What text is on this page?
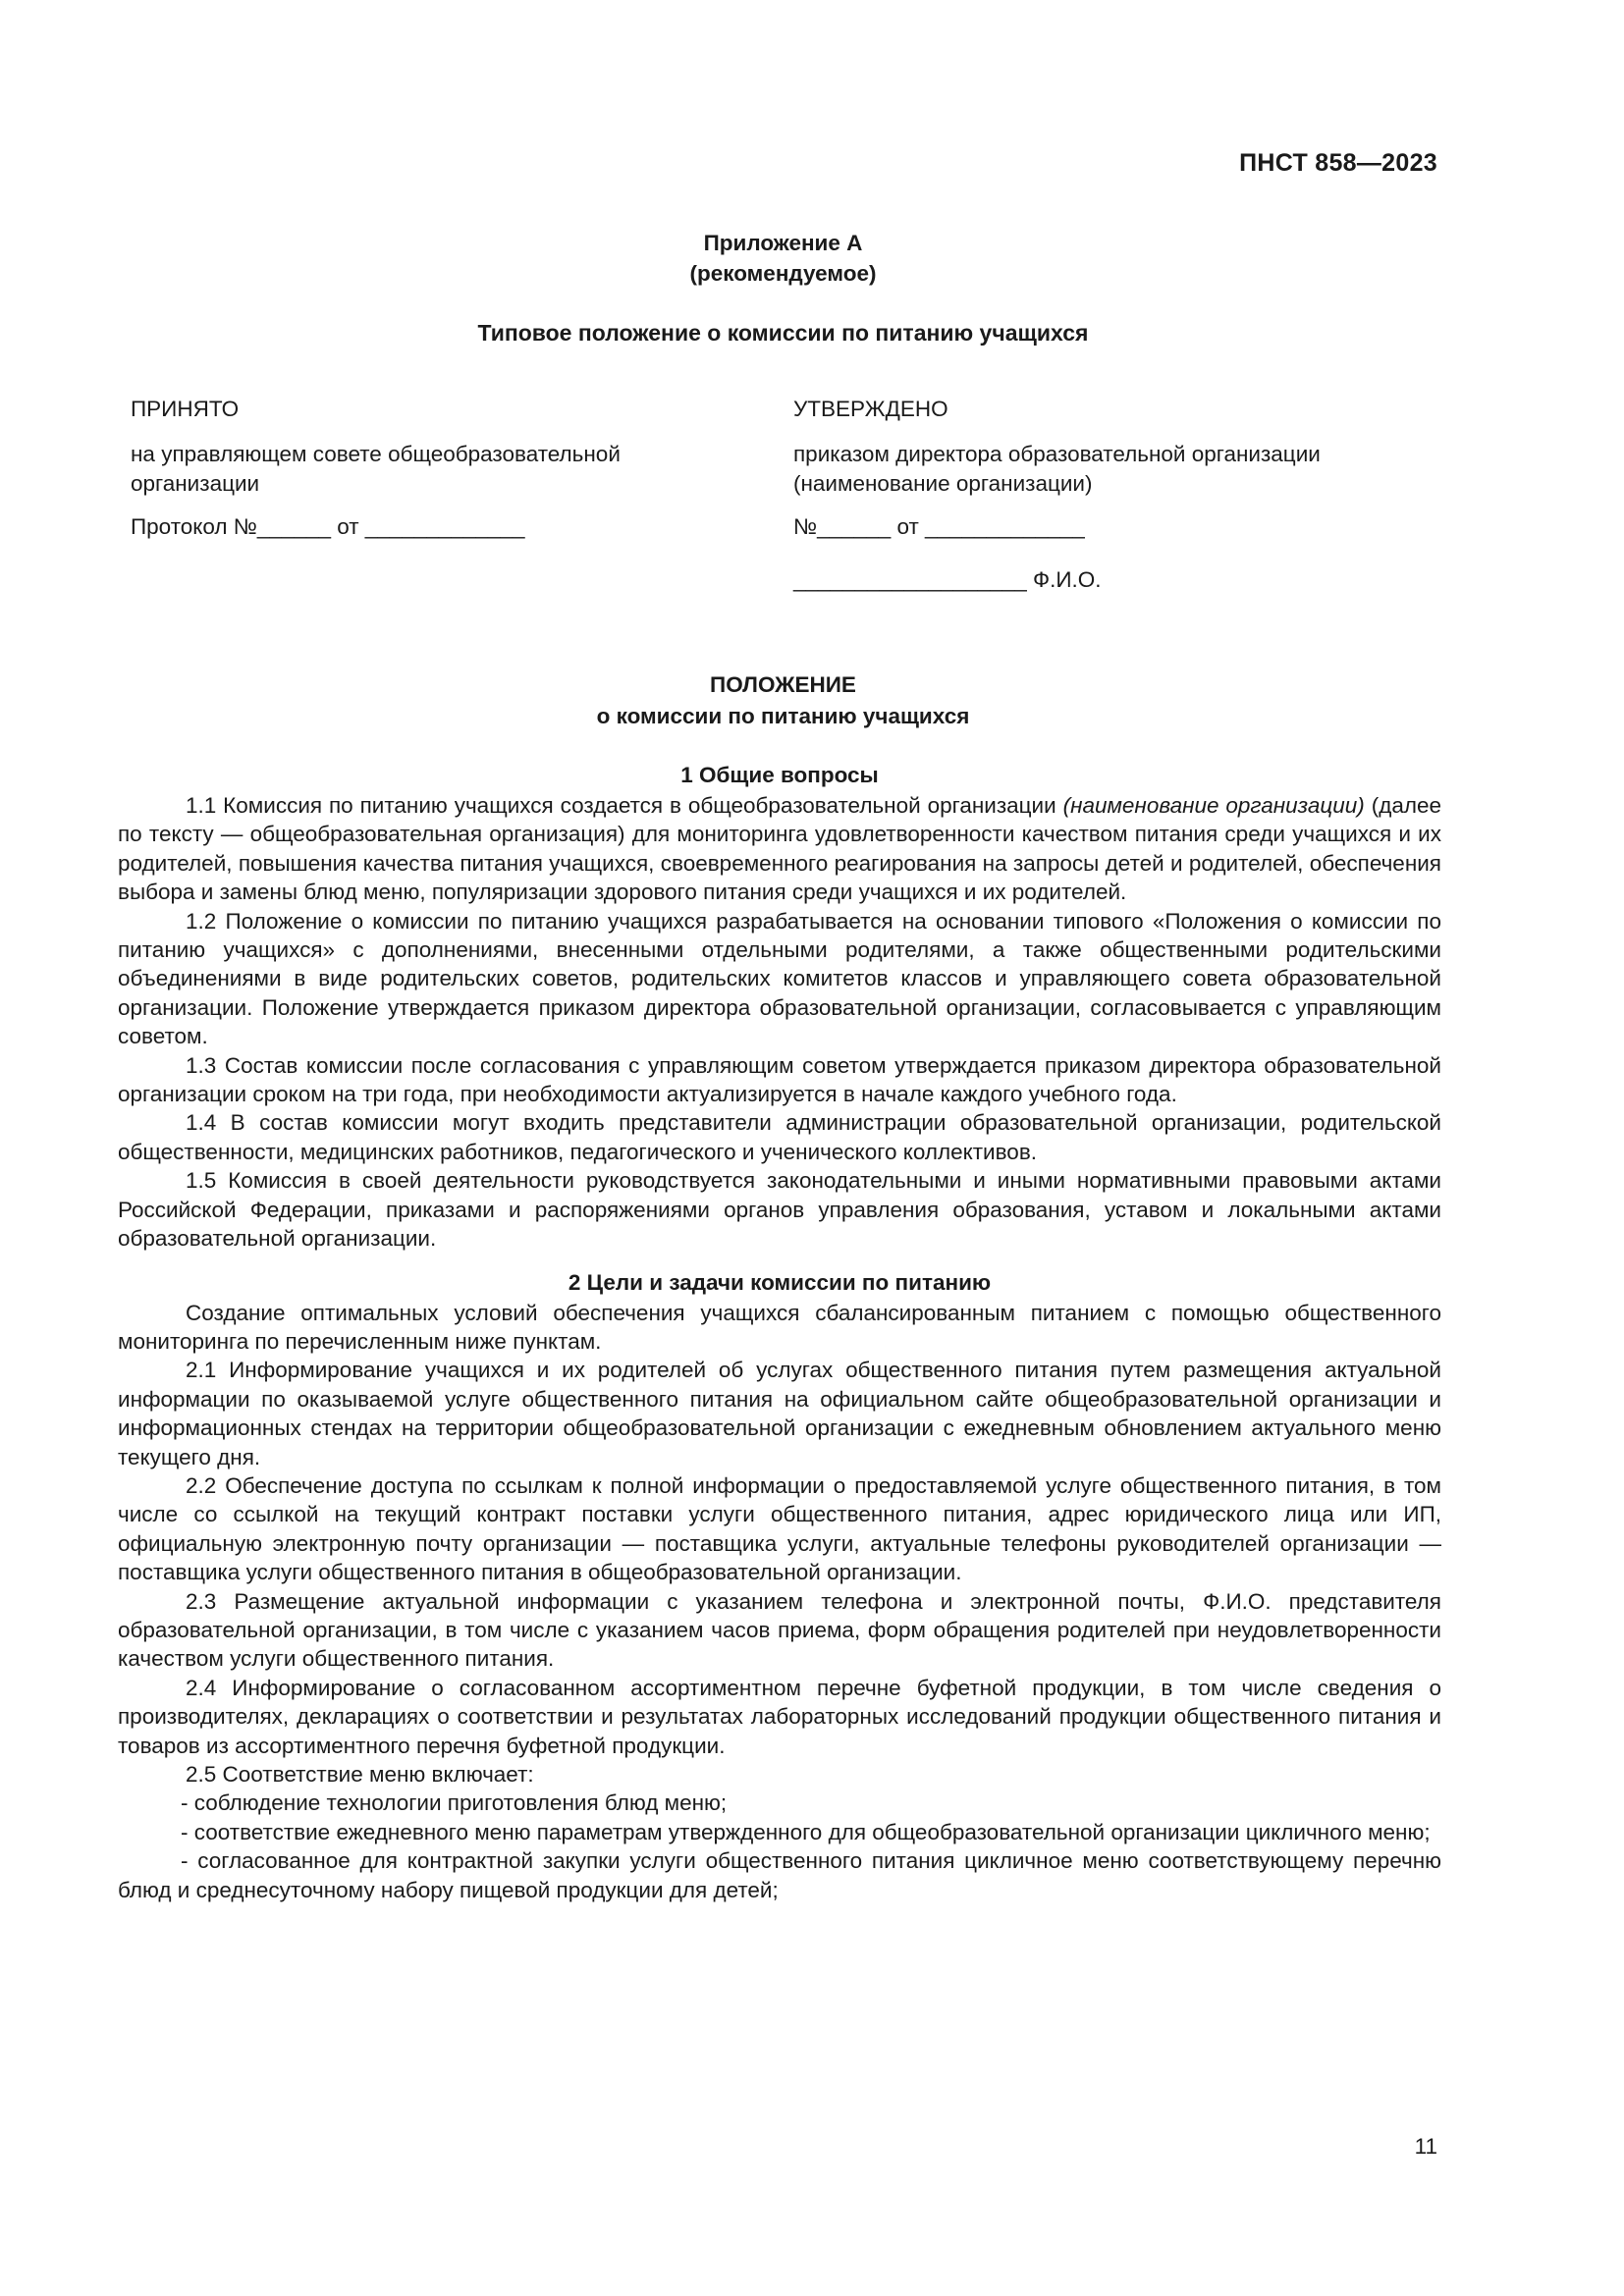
ПНСТ 858—2023
Приложение А
(рекомендуемое)
Типовое положение о комиссии по питанию учащихся
ПРИНЯТО
на управляющем совете общеобразовательной организации
Протокол №______ от _____________
УТВЕРЖДЕНО
приказом директора образовательной организации
(наименование организации)
№______ от _____________
___________________ Ф.И.О.
ПОЛОЖЕНИЕ
о комиссии по питанию учащихся
1 Общие вопросы

1.1 Комиссия по питанию учащихся создается в общеобразовательной организации (наименование организации) (далее по тексту — общеобразовательная организация) для мониторинга удовлетворенности качеством питания среди учащихся и их родителей, повышения качества питания учащихся, своевременного реагирования на запросы детей и родителей, обеспечения выбора и замены блюд меню, популяризации здорового питания среди учащихся и их родителей.

1.2 Положение о комиссии по питанию учащихся разрабатывается на основании типового «Положения о комиссии по питанию учащихся» с дополнениями, внесенными отдельными родителями, а также общественными родительскими объединениями в виде родительских советов, родительских комитетов классов и управляющего совета образовательной организации. Положение утверждается приказом директора образовательной организации, согласовывается с управляющим советом.

1.3 Состав комиссии после согласования с управляющим советом утверждается приказом директора образовательной организации сроком на три года, при необходимости актуализируется в начале каждого учебного года.

1.4 В состав комиссии могут входить представители администрации образовательной организации, родительской общественности, медицинских работников, педагогического и ученического коллективов.

1.5 Комиссия в своей деятельности руководствуется законодательными и иными нормативными правовыми актами Российской Федерации, приказами и распоряжениями органов управления образования, уставом и локальными актами образовательной организации.

2 Цели и задачи комиссии по питанию

Создание оптимальных условий обеспечения учащихся сбалансированным питанием с помощью общественного мониторинга по перечисленным ниже пунктам.

2.1 Информирование учащихся и их родителей об услугах общественного питания путем размещения актуальной информации по оказываемой услуге общественного питания на официальном сайте общеобразовательной организации и информационных стендах на территории общеобразовательной организации с ежедневным обновлением актуального меню текущего дня.

2.2 Обеспечение доступа по ссылкам к полной информации о предоставляемой услуге общественного питания, в том числе со ссылкой на текущий контракт поставки услуги общественного питания, адрес юридического лица или ИП, официальную электронную почту организации — поставщика услуги, актуальные телефоны руководителей организации — поставщика услуги общественного питания в общеобразовательной организации.

2.3 Размещение актуальной информации с указанием телефона и электронной почты, Ф.И.О. представителя образовательной организации, в том числе с указанием часов приема, форм обращения родителей при неудовлетворенности качеством услуги общественного питания.

2.4 Информирование о согласованном ассортиментном перечне буфетной продукции, в том числе сведения о производителях, декларациях о соответствии и результатах лабораторных исследований продукции общественного питания и товаров из ассортиментного перечня буфетной продукции.

2.5 Соответствие меню включает:

- соблюдение технологии приготовления блюд меню;

- соответствие ежедневного меню параметрам утвержденного для общеобразовательной организации цикличного меню;

- согласованное для контрактной закупки услуги общественного питания цикличное меню соответствующему перечню блюд и среднесуточному набору пищевой продукции для детей;

11
